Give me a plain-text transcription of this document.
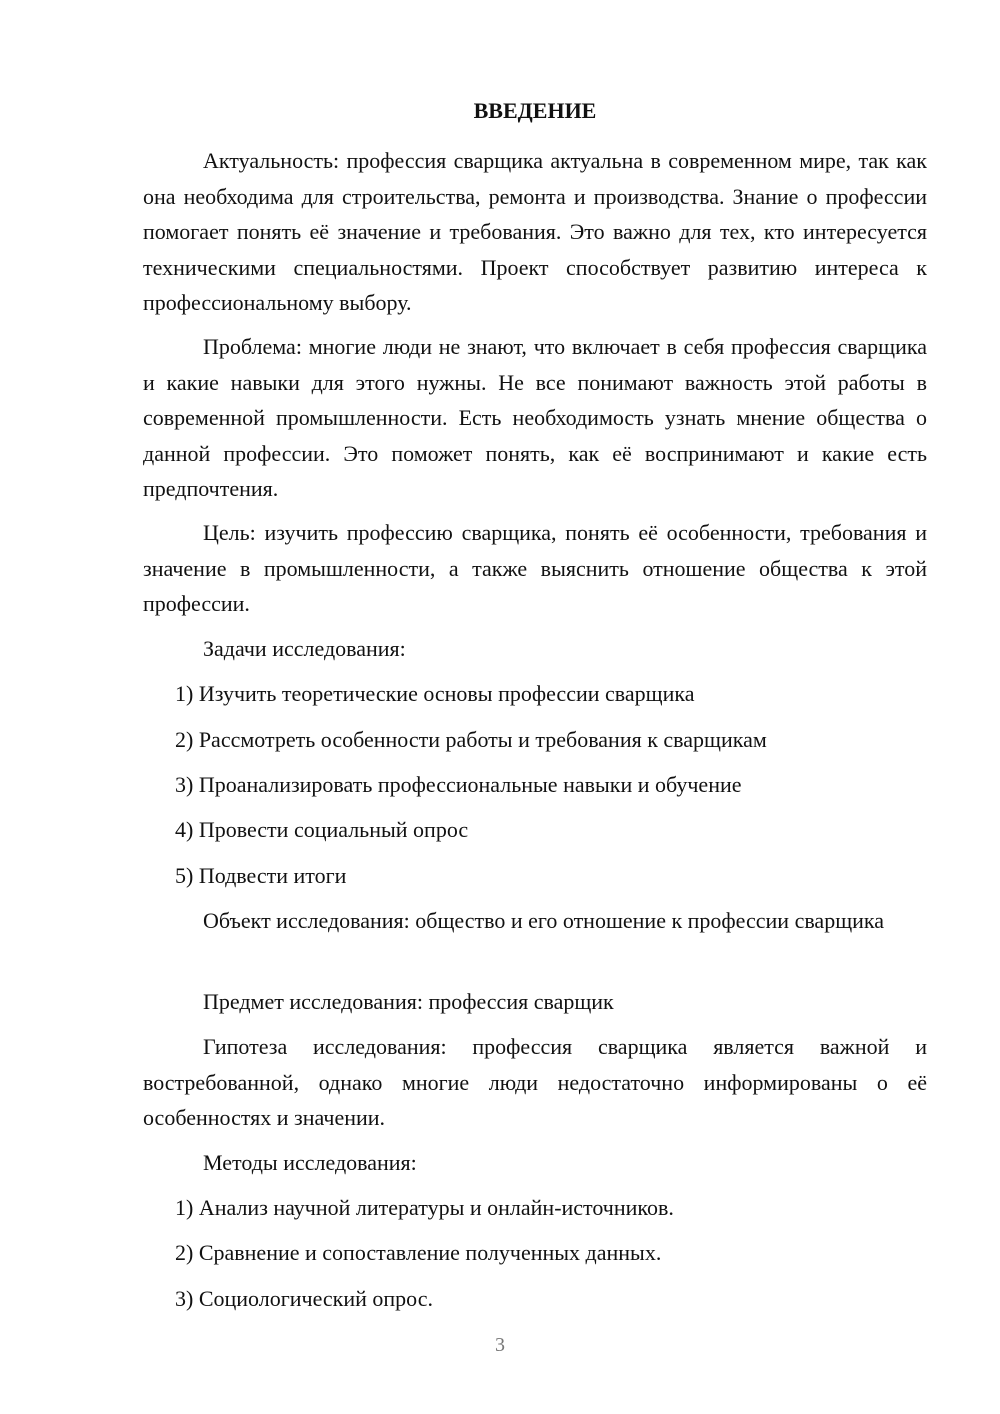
ВВЕДЕНИЕ

Актуальность: профессия сварщика актуальна в современном мире, так как она необходима для строительства, ремонта и производства. Знание о профессии помогает понять её значение и требования. Это важно для тех, кто интересуется техническими специальностями. Проект способствует развитию интереса к профессиональному выбору.

Проблема: многие люди не знают, что включает в себя профессия сварщика и какие навыки для этого нужны. Не все понимают важность этой работы в современной промышленности. Есть необходимость узнать мнение общества о данной профессии. Это поможет понять, как её воспринимают и какие есть предпочтения.

Цель: изучить профессию сварщика, понять её особенности, требования и значение в промышленности, а также выяснить отношение общества к этой профессии.

Задачи исследования:

1) Изучить теоретические основы профессии сварщика

2) Рассмотреть особенности работы и требования к сварщикам

3) Проанализировать профессиональные навыки и обучение

4) Провести социальный опрос

5) Подвести итоги

Объект исследования: общество и его отношение к профессии сварщика

Предмет исследования: профессия сварщик

Гипотеза исследования: профессия сварщика является важной и востребованной, однако многие люди недостаточно информированы о её особенностях и значении.

Методы исследования:

1) Анализ научной литературы и онлайн-источников.

2) Сравнение и сопоставление полученных данных.

3) Социологический опрос.

3
